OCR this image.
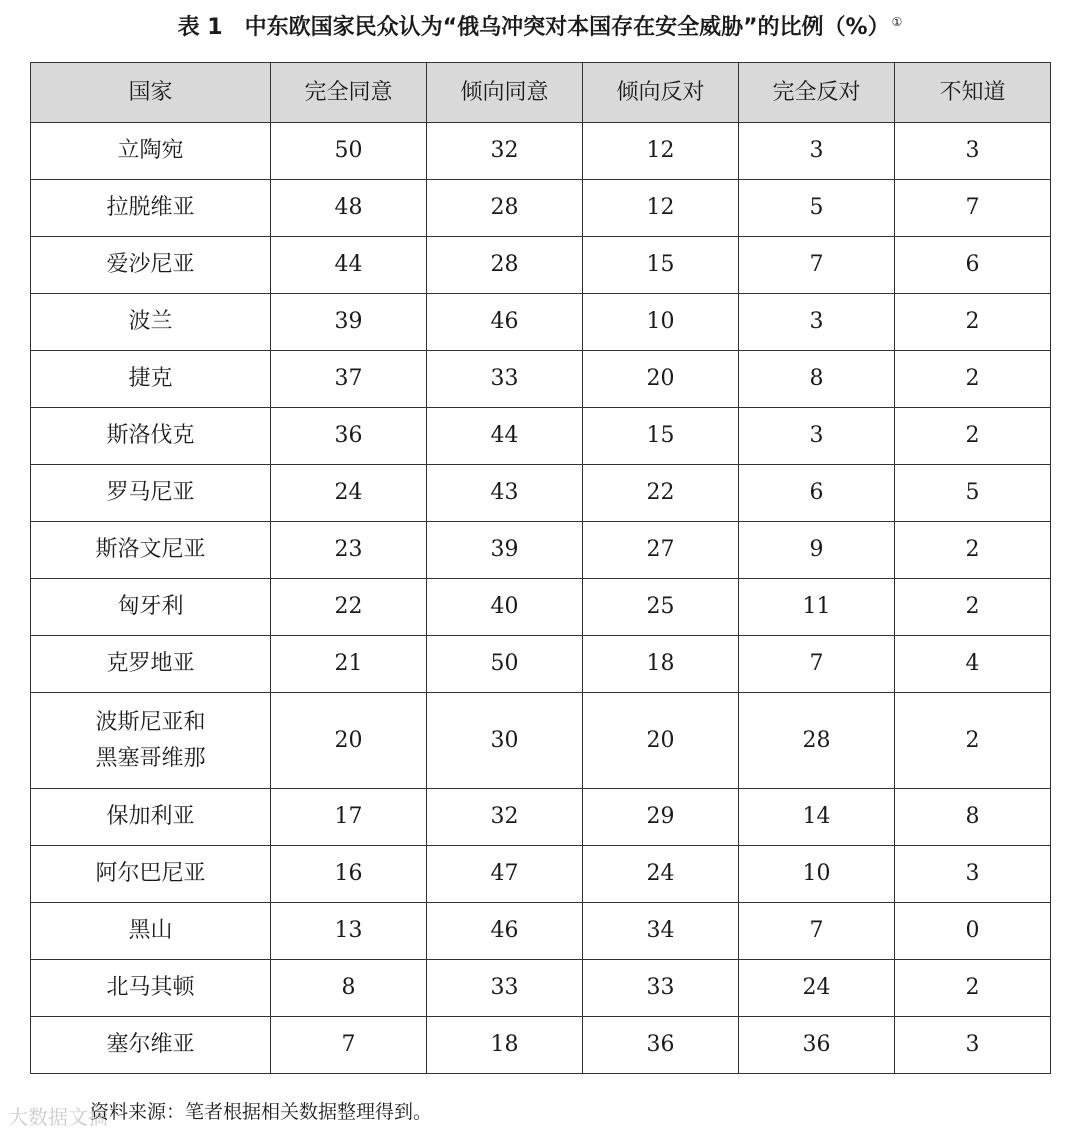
表 1 中东欧国家民众认为“俄乌冲突对本国存在安全威胁”的比例（%） ①
国家	完全同意	倾向同意	倾向反对	完全反对	不知道

立陶宛	50	32	12	3	3

拉脱维亚	48	28	12	5	7

爱沙尼亚	44	28	15	7	6

波兰	39	46	10	3	2

捷克	37	33	20	8	2

斯洛伐克	36	44	15	3	2

罗马尼亚	24	43	22	6	5

斯洛文尼亚	23	39	27	9	2

匈牙利	22	40	25	11	2

克罗地亚	21	50	18	7	4

波斯尼亚和
黑塞哥维那	20	30	20	28	2

保加利亚	17	32	29	14	8

阿尔巴尼亚	16	47	24	10	3

黑山	13	46	34	7	0

北马其顿	8	33	33	24	2

塞尔维亚	7	18	36	36	3
大数据文摘
资料来源：笔者根据相关数据整理得到。
